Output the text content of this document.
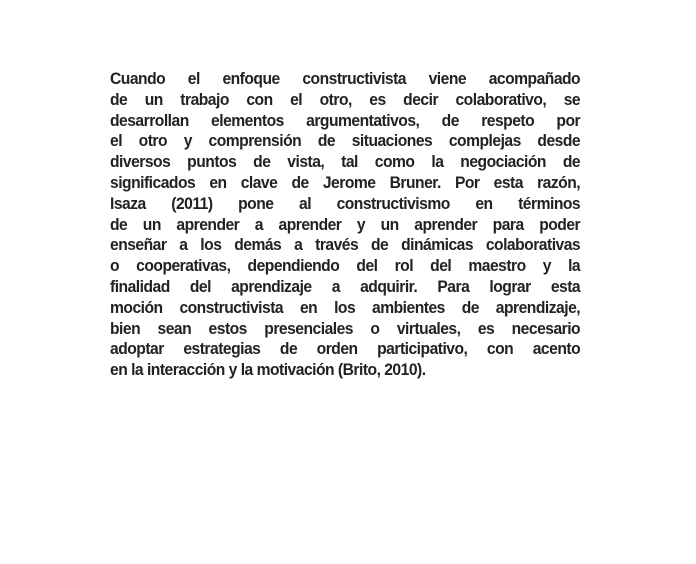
Cuando el enfoque constructivista viene acompañado
de un trabajo con el otro, es decir colaborativo, se
desarrollan elementos argumentativos, de respeto por
el otro y comprensión de situaciones complejas desde
diversos puntos de vista, tal como la negociación de
significados en clave de Jerome Bruner. Por esta razón,
Isaza (2011) pone al constructivismo en términos
de un aprender a aprender y un aprender para poder
enseñar a los demás a través de dinámicas colaborativas
o cooperativas, dependiendo del rol del maestro y la
finalidad del aprendizaje a adquirir. Para lograr esta
moción constructivista en los ambientes de aprendizaje,
bien sean estos presenciales o virtuales, es necesario
adoptar estrategias de orden participativo, con acento
en la interacción y la motivación (Brito, 2010).
